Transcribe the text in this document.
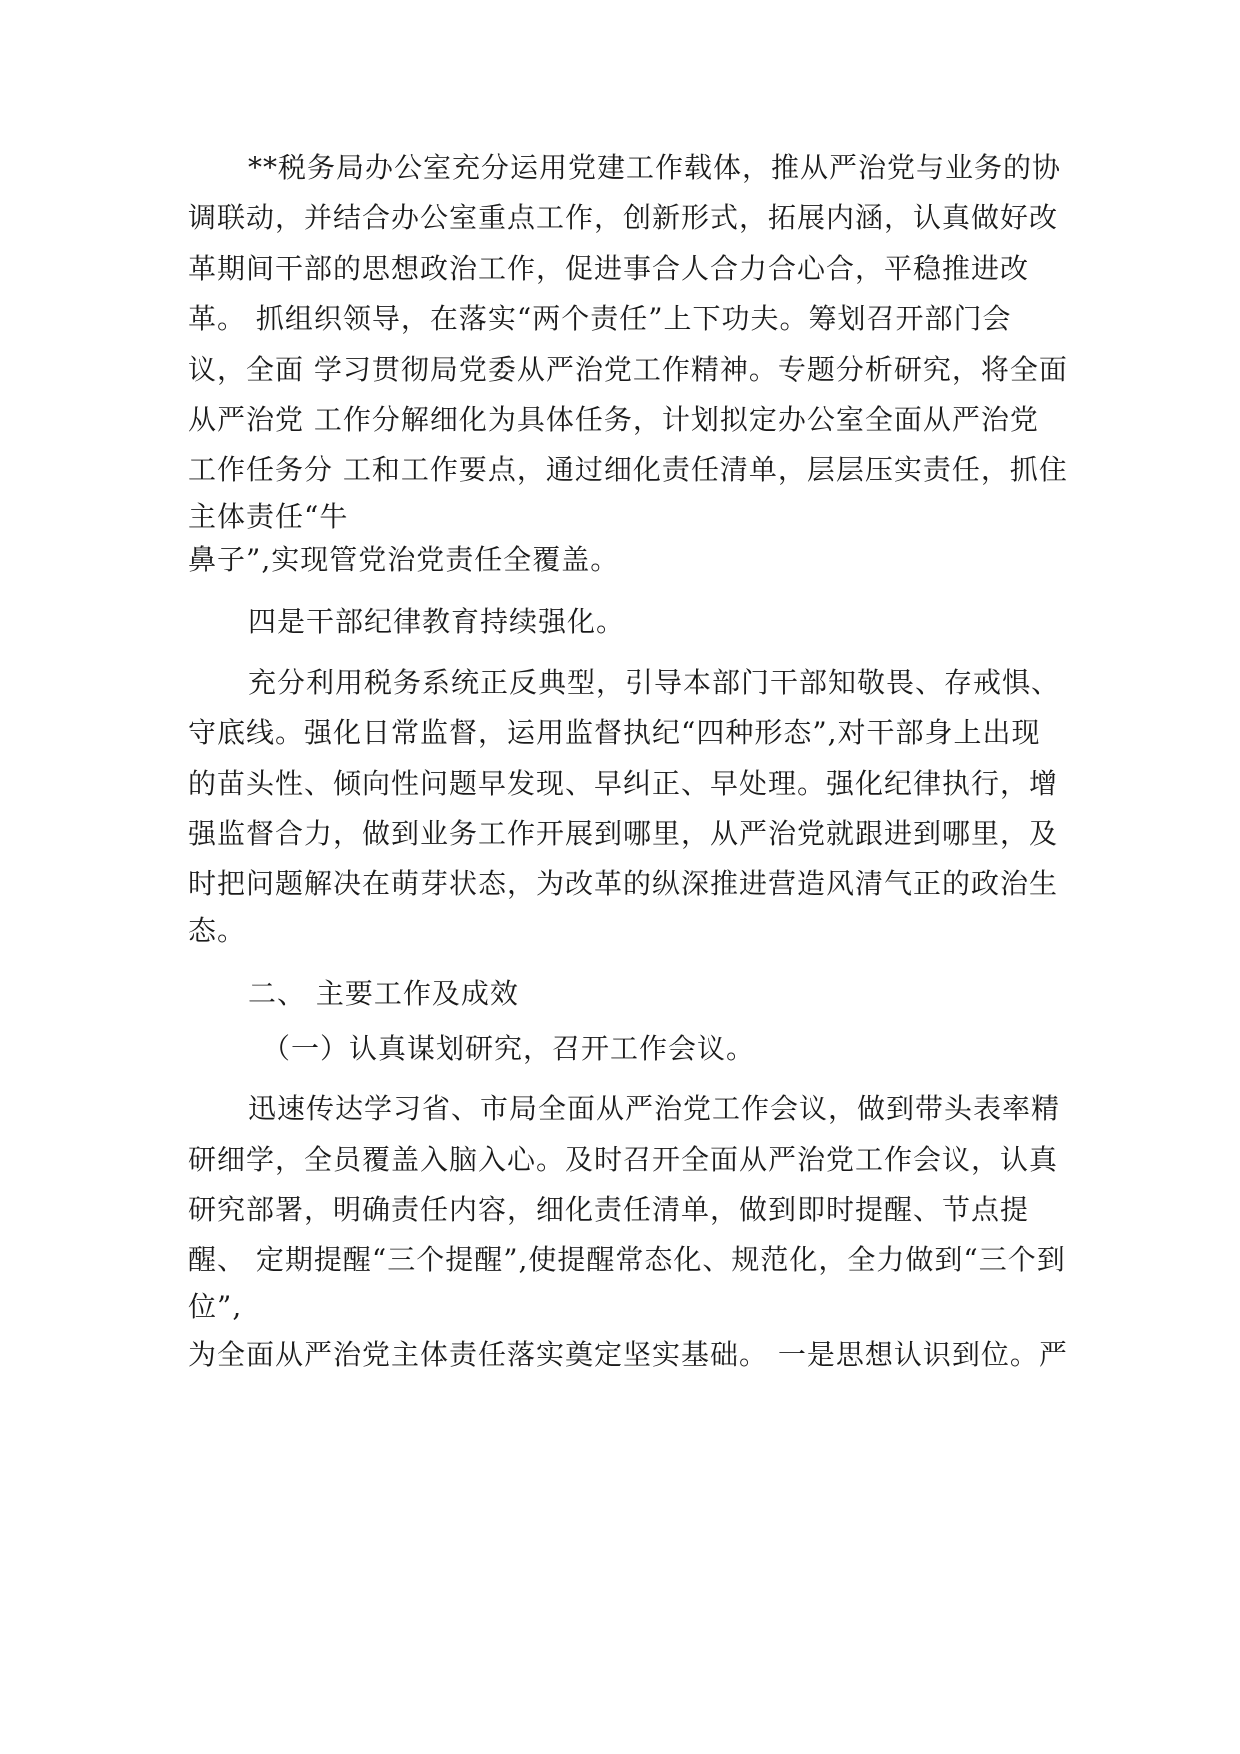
**税务局办公室充分运用党建工作载体，推从严治党与业务的协
调联动，并结合办公室重点工作，创新形式，拓展内涵，认真做好改
革期间干部的思想政治工作，促进事合人合力合心合，平稳推进改
革。 抓组织领导，在落实“两个责任”上下功夫。筹划召开部门会
议，全面 学习贯彻局党委从严治党工作精神。专题分析研究，将全面
从严治党 工作分解细化为具体任务，计划拟定办公室全面从严治党
工作任务分 工和工作要点，通过细化责任清单，层层压实责任，抓住
主体责任“牛
鼻子”,实现管党治党责任全覆盖。
四是干部纪律教育持续强化。
充分利用税务系统正反典型，引导本部门干部知敬畏、存戒惧、
守底线。强化日常监督，运用监督执纪“四种形态”,对干部身上出现
的苗头性、倾向性问题早发现、早纠正、早处理。强化纪律执行，增
强监督合力，做到业务工作开展到哪里，从严治党就跟进到哪里，及
时把问题解决在萌芽状态，为改革的纵深推进营造风清气正的政治生
态。
二、 主要工作及成效
（一）认真谋划研究，召开工作会议。
迅速传达学习省、市局全面从严治党工作会议，做到带头表率精
研细学，全员覆盖入脑入心。及时召开全面从严治党工作会议，认真
研究部署，明确责任内容，细化责任清单，做到即时提醒、节点提
醒、 定期提醒“三个提醒”,使提醒常态化、规范化，全力做到“三个到
位”,
为全面从严治党主体责任落实奠定坚实基础。 一是思想认识到位。严
